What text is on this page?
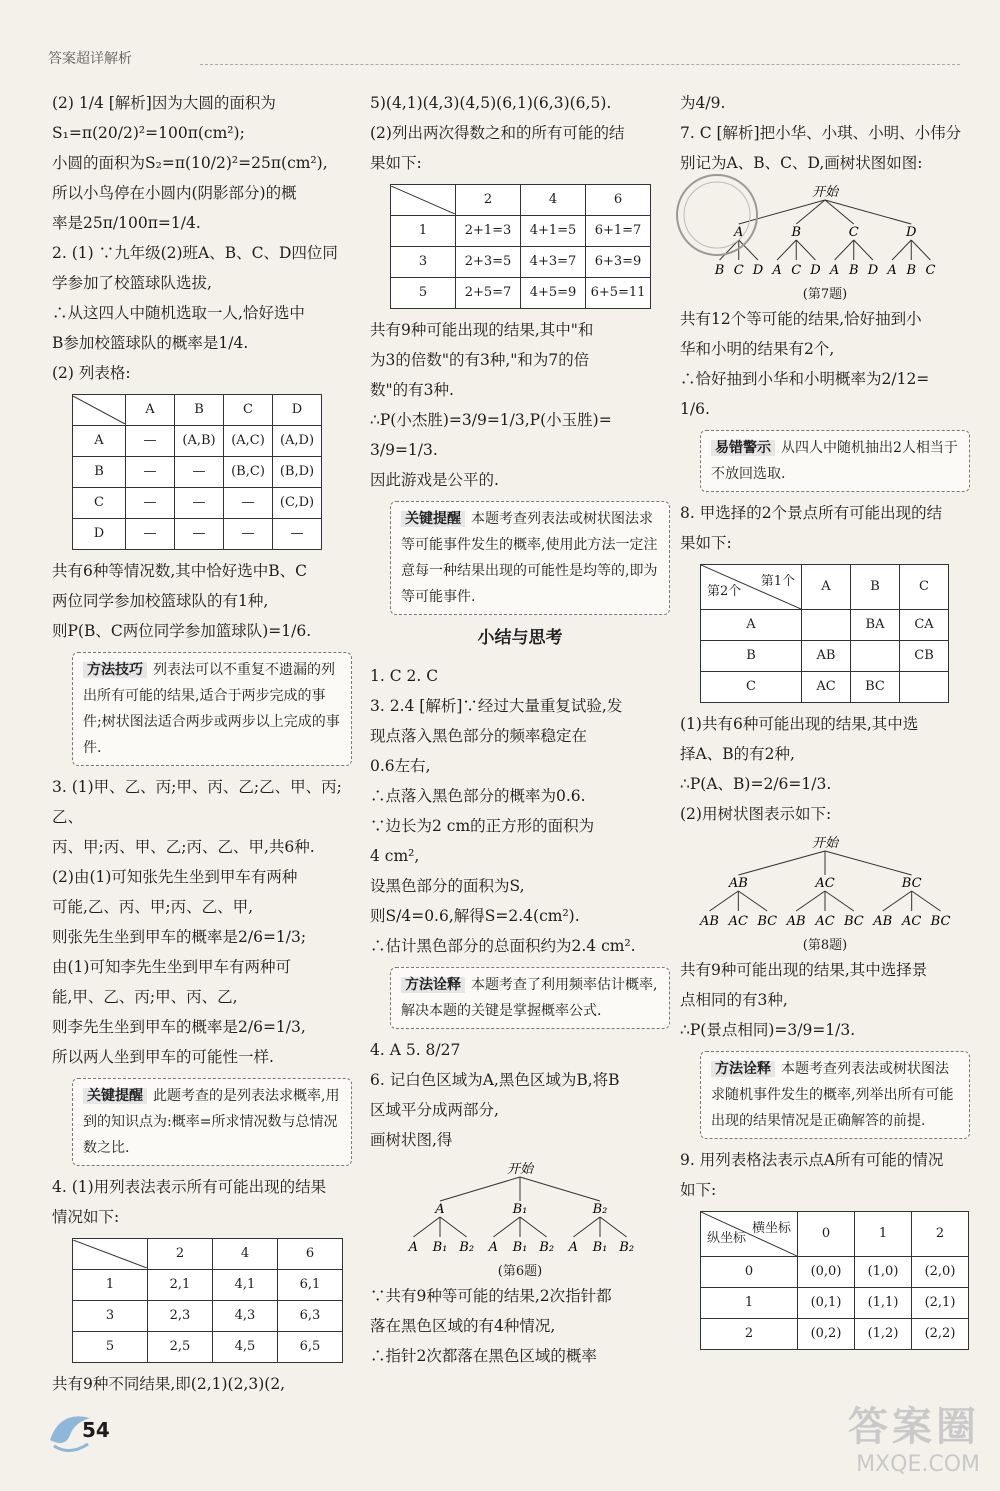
答案超详解析

(2) 1/4 [解析]因为大圆的面积为

S₁=π(20/2)²=100π(cm²);

小圆的面积为S₂=π(10/2)²=25π(cm²),

所以小鸟停在小圆内(阴影部分)的概

率是25π/100π=1/4.

2. (1) ∵九年级(2)班A、B、C、D四位同

学参加了校篮球队选拔,

∴从这四人中随机选取一人,恰好选中

B参加校篮球队的概率是1/4.

(2) 列表格:

	A	B	C	D
A	—	(A,B)	(A,C)	(A,D)
B	—	—	(B,C)	(B,D)
C	—	—	—	(C,D)
D	—	—	—	—

共有6种等情况数,其中恰好选中B、C

两位同学参加校篮球队的有1种,

则P(B、C两位同学参加篮球队)=1/6.

方法技巧 列表法可以不重复不遗漏的列出所有可能的结果,适合于两步完成的事件;树状图法适合两步或两步以上完成的事件.

3. (1)甲、乙、丙;甲、丙、乙;乙、甲、丙;乙、

丙、甲;丙、甲、乙;丙、乙、甲,共6种.

(2)由(1)可知张先生坐到甲车有两种

可能,乙、丙、甲;丙、乙、甲,

则张先生坐到甲车的概率是2/6=1/3;

由(1)可知李先生坐到甲车有两种可

能,甲、乙、丙;甲、丙、乙,

则李先生坐到甲车的概率是2/6=1/3,

所以两人坐到甲车的可能性一样.

关键提醒 此题考查的是列表法求概率,用到的知识点为:概率=所求情况数与总情况数之比.

4. (1)用列表法表示所有可能出现的结果

情况如下:

	2	4	6
1	2,1	4,1	6,1
3	2,3	4,3	6,3
5	2,5	4,5	6,5

共有9种不同结果,即(2,1)(2,3)(2,

5)(4,1)(4,3)(4,5)(6,1)(6,3)(6,5).

(2)列出两次得数之和的所有可能的结

果如下:

	2	4	6
1	2+1=3	4+1=5	6+1=7
3	2+3=5	4+3=7	6+3=9
5	2+5=7	4+5=9	6+5=11

共有9种可能出现的结果,其中"和

为3的倍数"的有3种,"和为7的倍

数"的有3种.

∴P(小杰胜)=3/9=1/3,P(小玉胜)=

3/9=1/3.

因此游戏是公平的.

关键提醒 本题考查列表法或树状图法求等可能事件发生的概率,使用此方法一定注意每一种结果出现的可能性是均等的,即为等可能事件.
小结与思考

1. C 2. C

3. 2.4 [解析]∵经过大量重复试验,发

现点落入黑色部分的频率稳定在

0.6左右,

∴点落入黑色部分的概率为0.6.

∵边长为2 cm的正方形的面积为

4 cm²,

设黑色部分的面积为S,

则S/4=0.6,解得S=2.4(cm²).

∴估计黑色部分的总面积约为2.4 cm².

方法诠释 本题考查了利用频率估计概率,解决本题的关键是掌握概率公式.

4. A 5. 8/27

6. 记白色区域为A,黑色区域为B,将B

区域平分成两部分,

画树状图,得

开始
A
A B₁ B₂
B₁
A B₁ B₂
B₂
A B₁ B₂
(第6题)

∵共有9种等可能的结果,2次指针都

落在黑色区域的有4种情况,

∴指针2次都落在黑色区域的概率

为4/9.

7. C [解析]把小华、小琪、小明、小伟分

别记为A、B、C、D,画树状图如图:

开始
A
B C D
B
A C D
C
A B D
D
A B C
(第7题)

共有12个等可能的结果,恰好抽到小

华和小明的结果有2个,

∴恰好抽到小华和小明概率为2/12=

1/6.

易错警示 从四人中随机抽出2人相当于不放回选取.

8. 甲选择的2个景点所有可能出现的结

果如下:

第1个
第2个	A	B	C
A		BA	CA
B	AB		CB
C	AC	BC	

(1)共有6种可能出现的结果,其中选

择A、B的有2种,

∴P(A、B)=2/6=1/3.

(2)用树状图表示如下:

开始
AB
AB AC BC
AC
AB AC BC
BC
AB AC BC
(第8题)

共有9种可能出现的结果,其中选择景

点相同的有3种,

∴P(景点相同)=3/9=1/3.

方法诠释 本题考查列表法或树状图法求随机事件发生的概率,列举出所有可能出现的结果情况是正确解答的前提.

9. 用列表格法表示点A所有可能的情况

如下:

横坐标
纵坐标	0	1	2
0	(0,0)	(1,0)	(2,0)
1	(0,1)	(1,1)	(2,1)
2	(0,2)	(1,2)	(2,2)
54	答案圈
MXQE.COM
